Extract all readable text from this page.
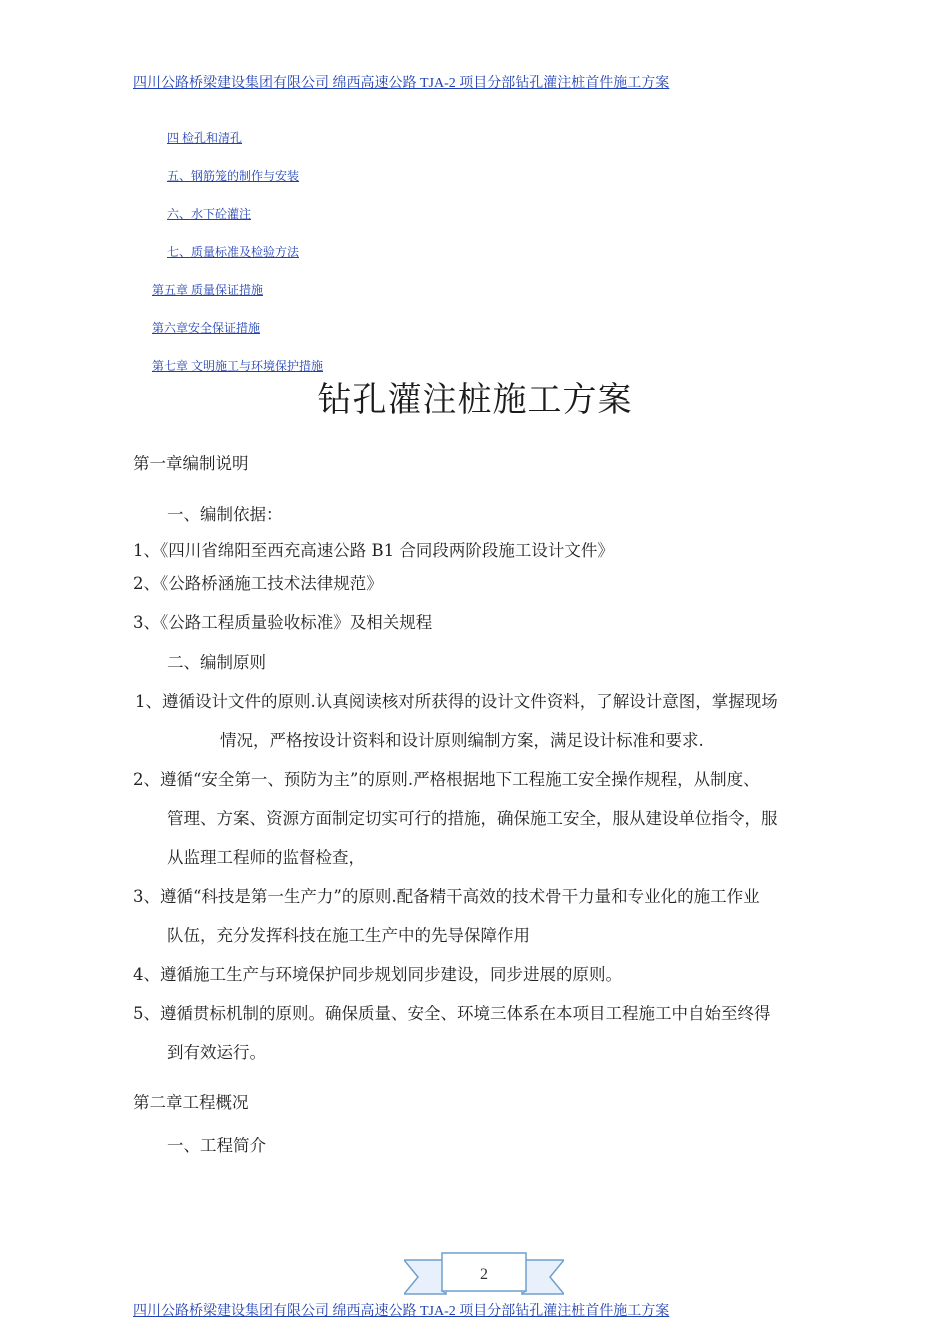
四川公路桥梁建设集团有限公司 绵西高速公路 TJA-2 项目分部钻孔灌注桩首件施工方案
四 检孔和清孔
五、钢筋笼的制作与安装
六、水下砼灌注
七、质量标准及检验方法
第五章 质量保证措施
第六章安全保证措施
第七章 文明施工与环境保护措施
钻孔灌注桩施工方案
第一章编制说明
一、编制依据：
1、《四川省绵阳至西充高速公路 B1 合同段两阶段施工设计文件》
2、《公路桥涵施工技术法律规范》
3、《公路工程质量验收标准》及相关规程
二、编制原则
1、遵循设计文件的原则.认真阅读核对所获得的设计文件资料，了解设计意图，掌握现场
情况，严格按设计资料和设计原则编制方案，满足设计标准和要求.
2、遵循“安全第一、预防为主”的原则.严格根据地下工程施工安全操作规程，从制度、
管理、方案、资源方面制定切实可行的措施，确保施工安全，服从建设单位指令，服
从监理工程师的监督检查，
3、遵循“科技是第一生产力”的原则.配备精干高效的技术骨干力量和专业化的施工作业
队伍，充分发挥科技在施工生产中的先导保障作用
4、遵循施工生产与环境保护同步规划同步建设，同步进展的原则。
5、遵循贯标机制的原则。确保质量、安全、环境三体系在本项目工程施工中自始至终得
到有效运行。
第二章工程概况
一、工程简介
2
四川公路桥梁建设集团有限公司 绵西高速公路 TJA-2 项目分部钻孔灌注桩首件施工方案
